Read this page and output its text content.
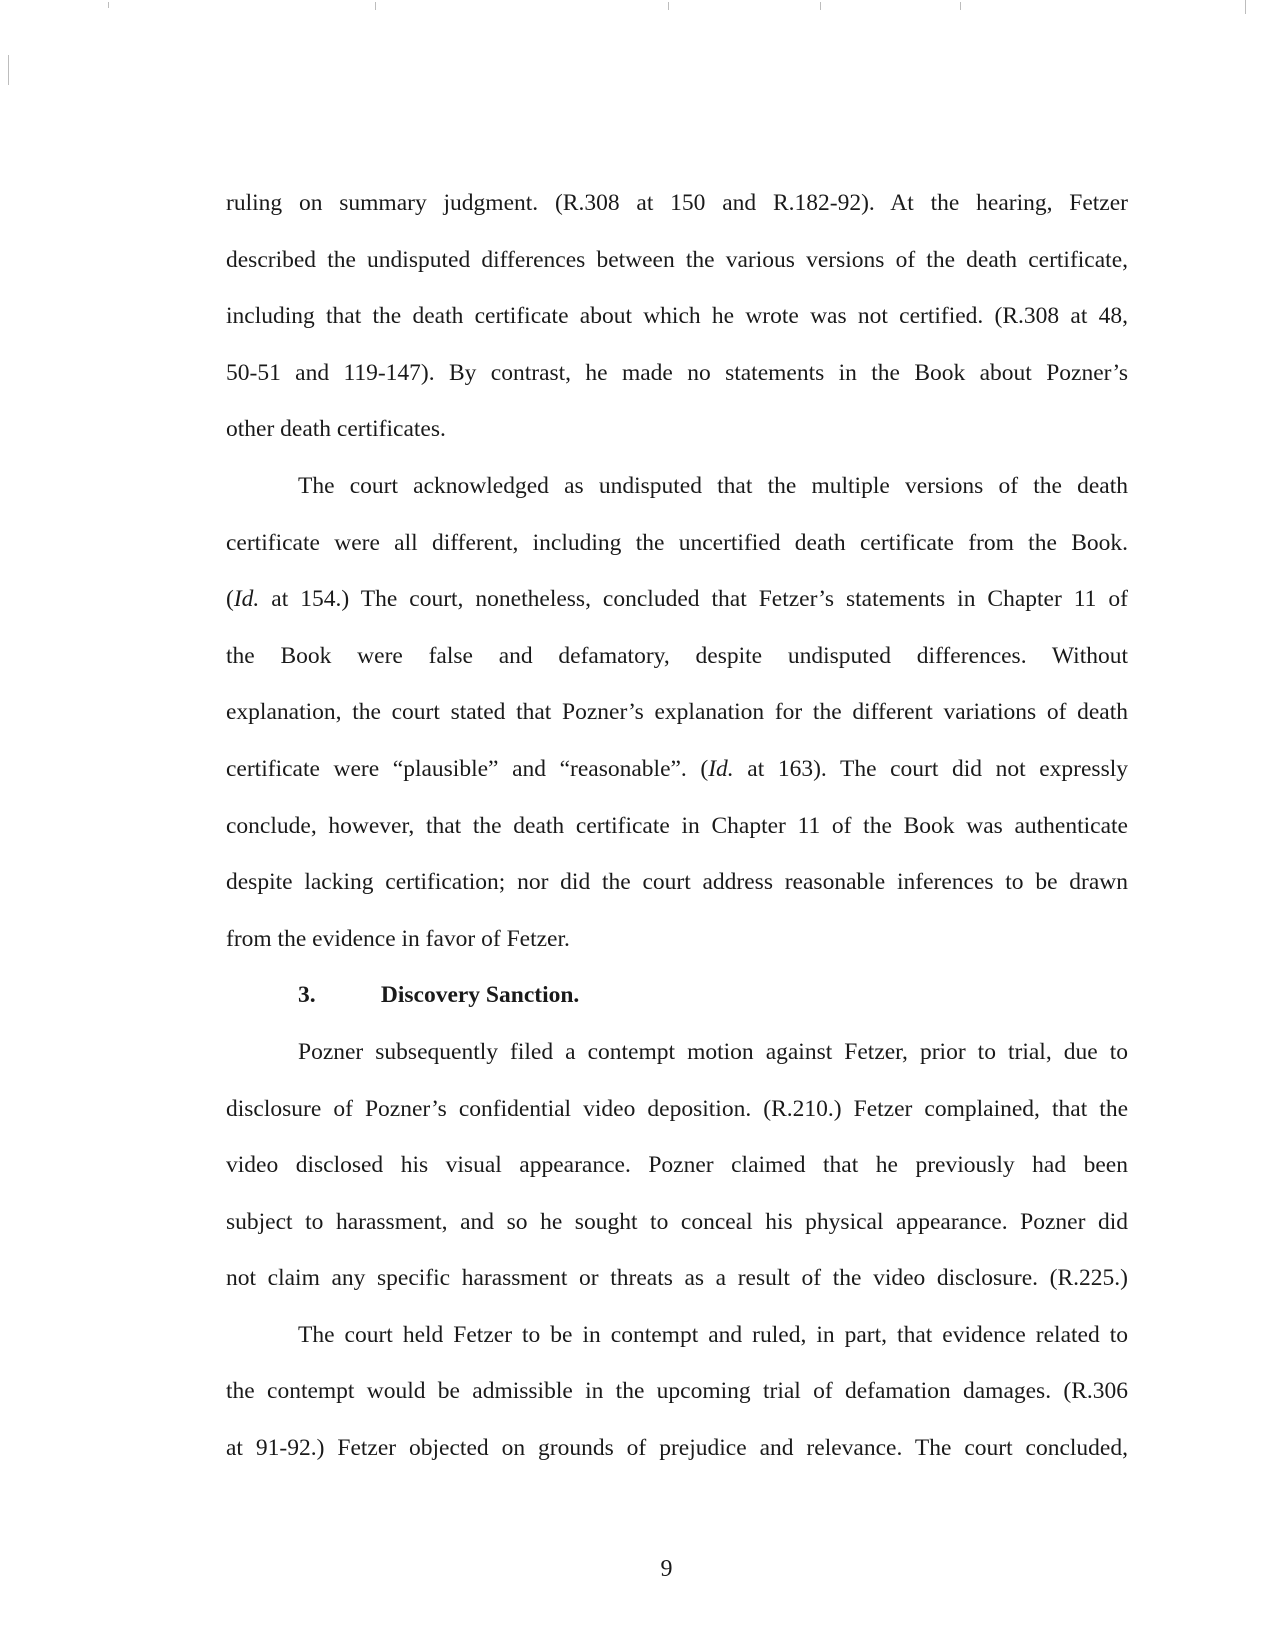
ruling on summary judgment. (R.308 at 150 and R.182-92). At the hearing, Fetzer
described the undisputed differences between the various versions of the death certificate,
including that the death certificate about which he wrote was not certified. (R.308 at 48,
50-51 and 119-147). By contrast, he made no statements in the Book about Pozner’s
other death certificates.
The court acknowledged as undisputed that the multiple versions of the death
certificate were all different, including the uncertified death certificate from the Book.
(Id. at 154.) The court, nonetheless, concluded that Fetzer’s statements in Chapter 11 of
the Book were false and defamatory, despite undisputed differences. Without
explanation, the court stated that Pozner’s explanation for the different variations of death
certificate were “plausible” and “reasonable”. (Id. at 163). The court did not expressly
conclude, however, that the death certificate in Chapter 11 of the Book was authenticate
despite lacking certification; nor did the court address reasonable inferences to be drawn
from the evidence in favor of Fetzer.
3.	Discovery Sanction.
Pozner subsequently filed a contempt motion against Fetzer, prior to trial, due to
disclosure of Pozner’s confidential video deposition. (R.210.) Fetzer complained, that the
video disclosed his visual appearance. Pozner claimed that he previously had been
subject to harassment, and so he sought to conceal his physical appearance. Pozner did
not claim any specific harassment or threats as a result of the video disclosure. (R.225.)
The court held Fetzer to be in contempt and ruled, in part, that evidence related to
the contempt would be admissible in the upcoming trial of defamation damages. (R.306
at 91-92.) Fetzer objected on grounds of prejudice and relevance. The court concluded,
9
